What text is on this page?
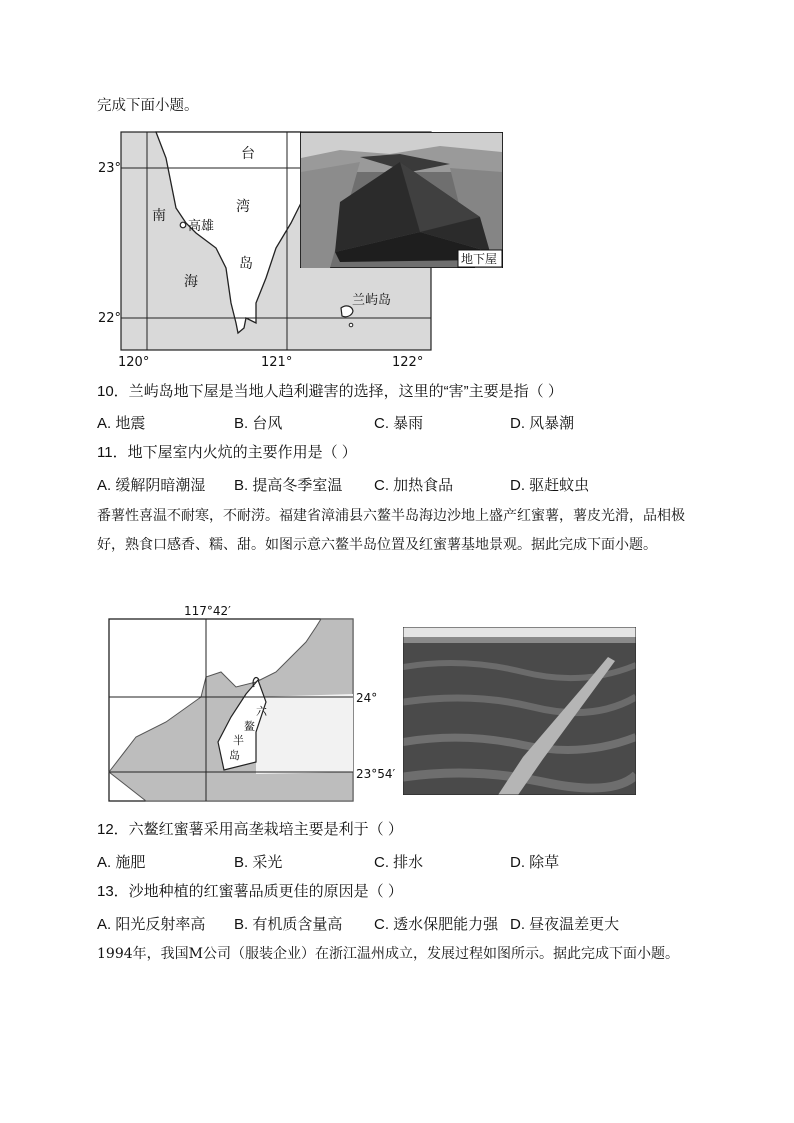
完成下面小题。
23°
22°
120°	121°	122°
南
海
台
湾
岛
高雄
兰屿岛
地下屋
10．兰屿岛地下屋是当地人趋利避害的选择，这里的“害”主要是指（ ）
A. 地震	B. 台风	C. 暴雨	D. 风暴潮
11．地下屋室内火炕的主要作用是（ ）
A. 缓解阴暗潮湿 B. 提高冬季室温 C. 加热食品	D. 驱赶蚊虫
番薯性喜温不耐寒，不耐涝。福建省漳浦县六鳌半岛海边沙地上盛产红蜜薯，薯皮光滑，品相极好，熟食口感香、糯、甜。如图示意六鳌半岛位置及红蜜薯基地景观。据此完成下面小题。
117°42′
24°
23°54′
六
鳌
半
岛
12．六鳌红蜜薯采用高垄栽培主要是利于（ ）
A. 施肥	B. 采光	C. 排水	D. 除草
13．沙地种植的红蜜薯品质更佳的原因是（ ）
A. 阳光反射率高 B. 有机质含量高 C. 透水保肥能力强 D. 昼夜温差更大
1994年，我国M公司（服装企业）在浙江温州成立，发展过程如图所示。据此完成下面小题。
